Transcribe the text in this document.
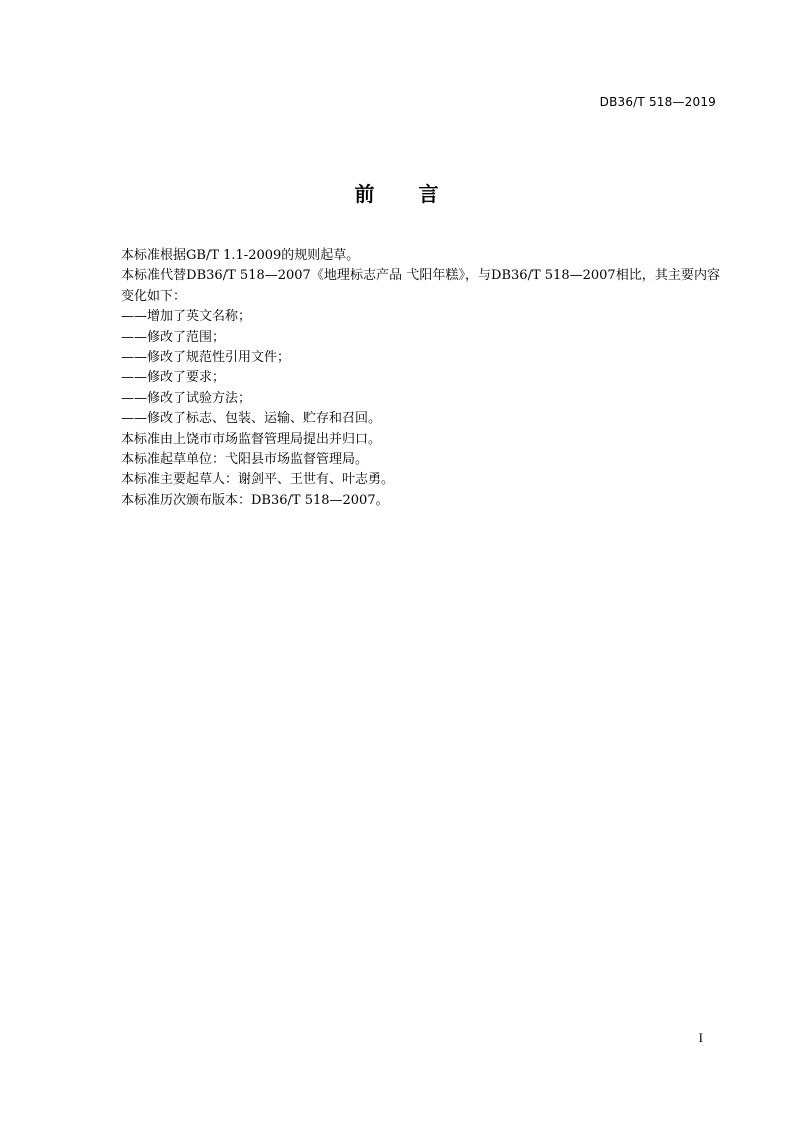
DB36/T 518—2019
前言

本标准根据GB/T 1.1-2009的规则起草。

本标准代替DB36/T 518—2007《地理标志产品 弋阳年糕》，与DB36/T 518—2007相比，其主要内容变化如下：

——增加了英文名称；

——修改了范围；

——修改了规范性引用文件；

——修改了要求；

——修改了试验方法；

——修改了标志、包装、运输、贮存和召回。

本标准由上饶市市场监督管理局提出并归口。

本标准起草单位：弋阳县市场监督管理局。

本标准主要起草人：谢剑平、王世有、叶志勇。

本标准历次颁布版本：DB36/T 518—2007。

I
